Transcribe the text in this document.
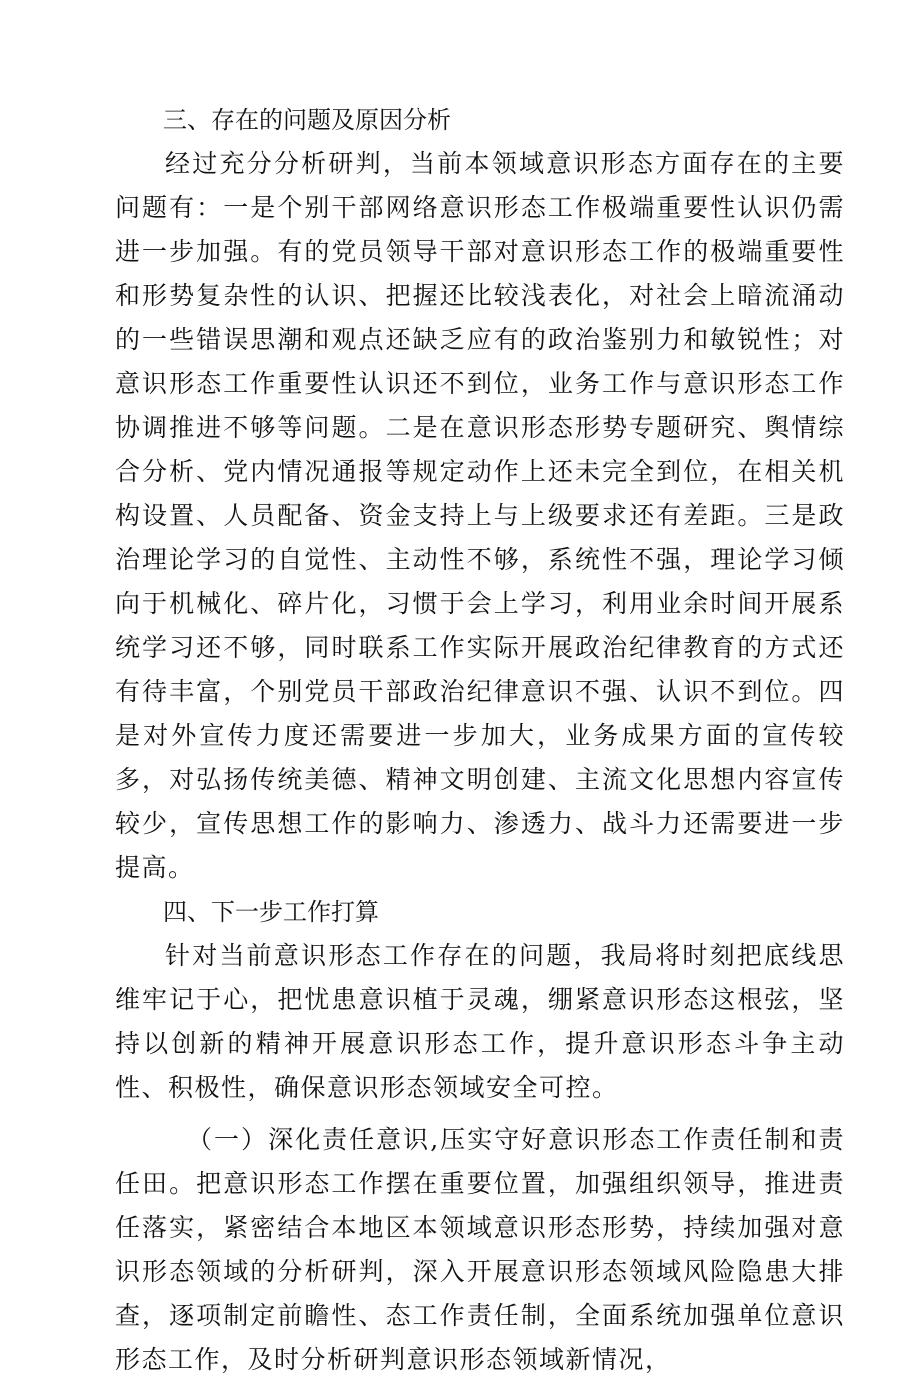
三、存在的问题及原因分析

经过充分分析研判，当前本领域意识形态方面存在的主要问题有：一是个别干部网络意识形态工作极端重要性认识仍需进一步加强。有的党员领导干部对意识形态工作的极端重要性和形势复杂性的认识、把握还比较浅表化，对社会上暗流涌动的一些错误思潮和观点还缺乏应有的政治鉴别力和敏锐性；对意识形态工作重要性认识还不到位，业务工作与意识形态工作协调推进不够等问题。二是在意识形态形势专题研究、舆情综合分析、党内情况通报等规定动作上还未完全到位，在相关机构设置、人员配备、资金支持上与上级要求还有差距。三是政治理论学习的自觉性、主动性不够，系统性不强，理论学习倾向于机械化、碎片化，习惯于会上学习，利用业余时间开展系统学习还不够，同时联系工作实际开展政治纪律教育的方式还有待丰富，个别党员干部政治纪律意识不强、认识不到位。四是对外宣传力度还需要进一步加大，业务成果方面的宣传较多，对弘扬传统美德、精神文明创建、主流文化思想内容宣传较少，宣传思想工作的影响力、渗透力、战斗力还需要进一步提高。

四、下一步工作打算

针对当前意识形态工作存在的问题，我局将时刻把底线思维牢记于心，把忧患意识植于灵魂，绷紧意识形态这根弦，坚持以创新的精神开展意识形态工作，提升意识形态斗争主动性、积极性，确保意识形态领域安全可控。

（一）深化责任意识,压实守好意识形态工作责任制和责任田。把意识形态工作摆在重要位置，加强组织领导，推进责任落实，紧密结合本地区本领域意识形态形势，持续加强对意识形态领域的分析研判，深入开展意识形态领域风险隐患大排查，逐项制定前瞻性、态工作责任制，全面系统加强单位意识形态工作，及时分析研判意识形态领域新情况，
